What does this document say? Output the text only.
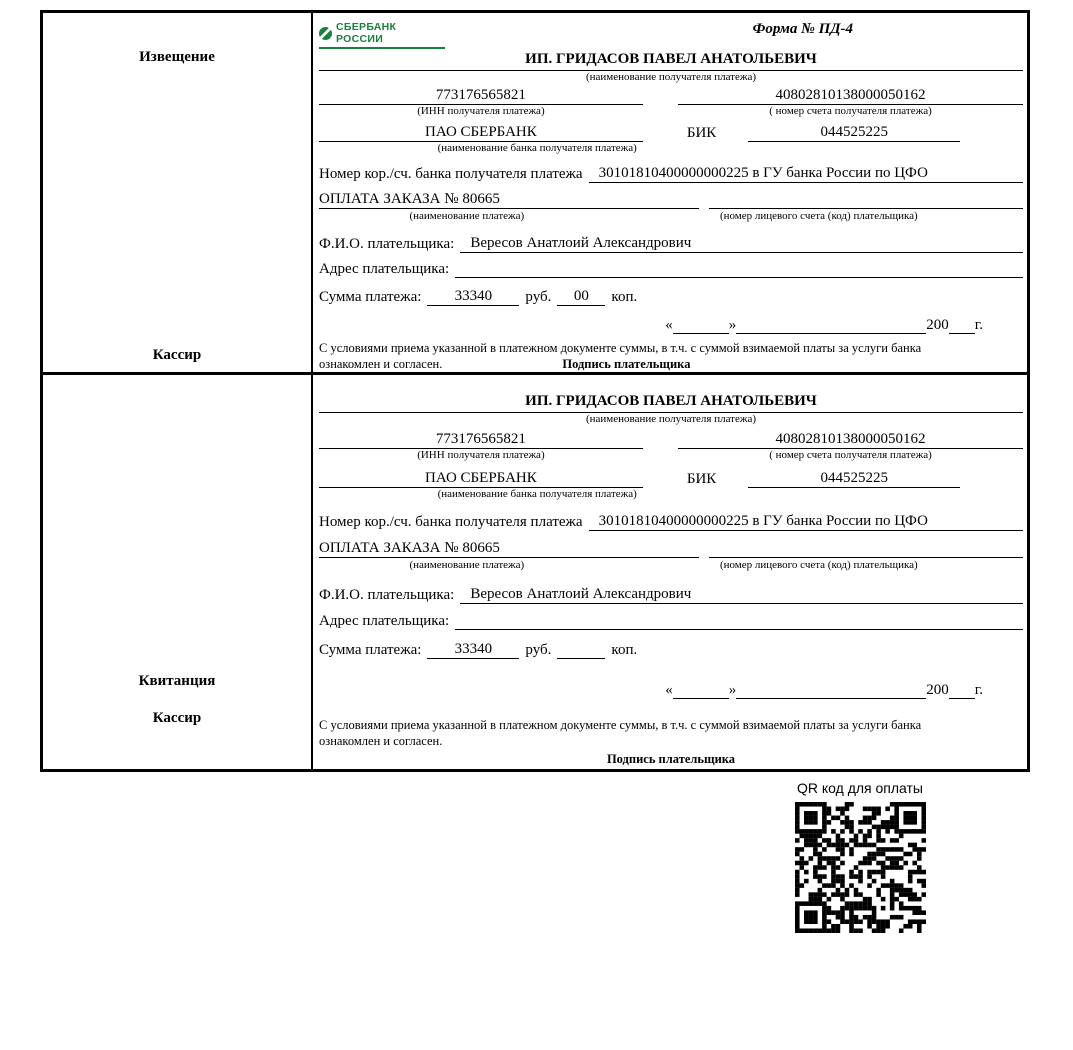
Извещение
Кассир
СБЕРБАНК РОССИИ
Форма № ПД-4
ИП. ГРИДАСОВ ПАВЕЛ АНАТОЛЬЕВИЧ
(наименование получателя платежа)
773176565821	40802810138000050162
(ИНН получателя платежа)	( номер счета получателя платежа)
ПАО СБЕРБАНК	БИК	044525225
(наименование банка получателя платежа)
Номер кор./сч. банка получателя платежа	30101810400000000225 в ГУ банка России по ЦФО
ОПЛАТА ЗАКАЗА № 80665
(наименование платежа)	(номер лицевого счета (код) плательщика)
Ф.И.О. плательщика:	Вересов Анатлоий Александрович
Адрес плательщика:
Сумма платежа:	33340	руб.	00	коп.
«	»	200 г.
С условиями приема указанной в платежном документе суммы, в т.ч. с суммой взимаемой платы за услуги банка
ознакомлен и согласен.	Подпись плательщика
Квитанция
Кассир
ИП. ГРИДАСОВ ПАВЕЛ АНАТОЛЬЕВИЧ
(наименование получателя платежа)
773176565821	40802810138000050162
(ИНН получателя платежа)	( номер счета получателя платежа)
ПАО СБЕРБАНК	БИК	044525225
(наименование банка получателя платежа)
Номер кор./сч. банка получателя платежа	30101810400000000225 в ГУ банка России по ЦФО
ОПЛАТА ЗАКАЗА № 80665
(наименование платежа)	(номер лицевого счета (код) плательщика)
Ф.И.О. плательщика:	Вересов Анатлоий Александрович
Адрес плательщика:
Сумма платежа:	33340	руб.	коп.
«	»	200 г.
С условиями приема указанной в платежном документе суммы, в т.ч. с суммой взимаемой платы за услуги банка
ознакомлен и согласен.
Подпись плательщика
QR код для оплаты
